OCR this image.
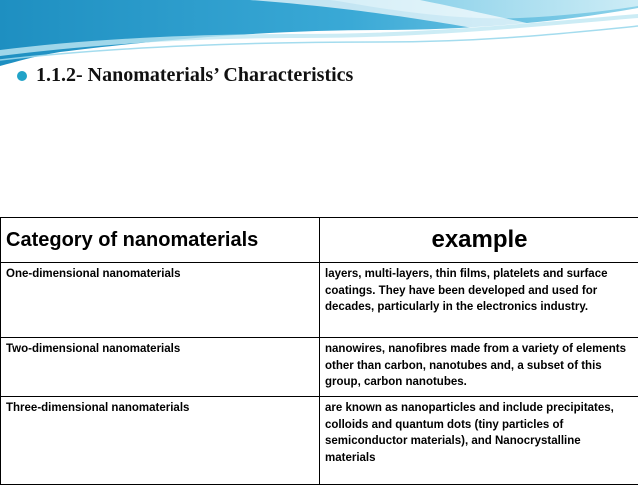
1.1.2- Nanomaterials’ Characteristics
Category of nanomaterials	example
One-dimensional nanomaterials	layers, multi-layers, thin films, platelets and surface coatings. They have been developed and used for decades, particularly in the electronics industry.
Two-dimensional nanomaterials	nanowires, nanofibres made from a variety of elements other than carbon, nanotubes and, a subset of this group, carbon nanotubes.
Three-dimensional nanomaterials	are known as nanoparticles and include precipitates, colloids and quantum dots (tiny particles of semiconductor materials), and Nanocrystalline materials
